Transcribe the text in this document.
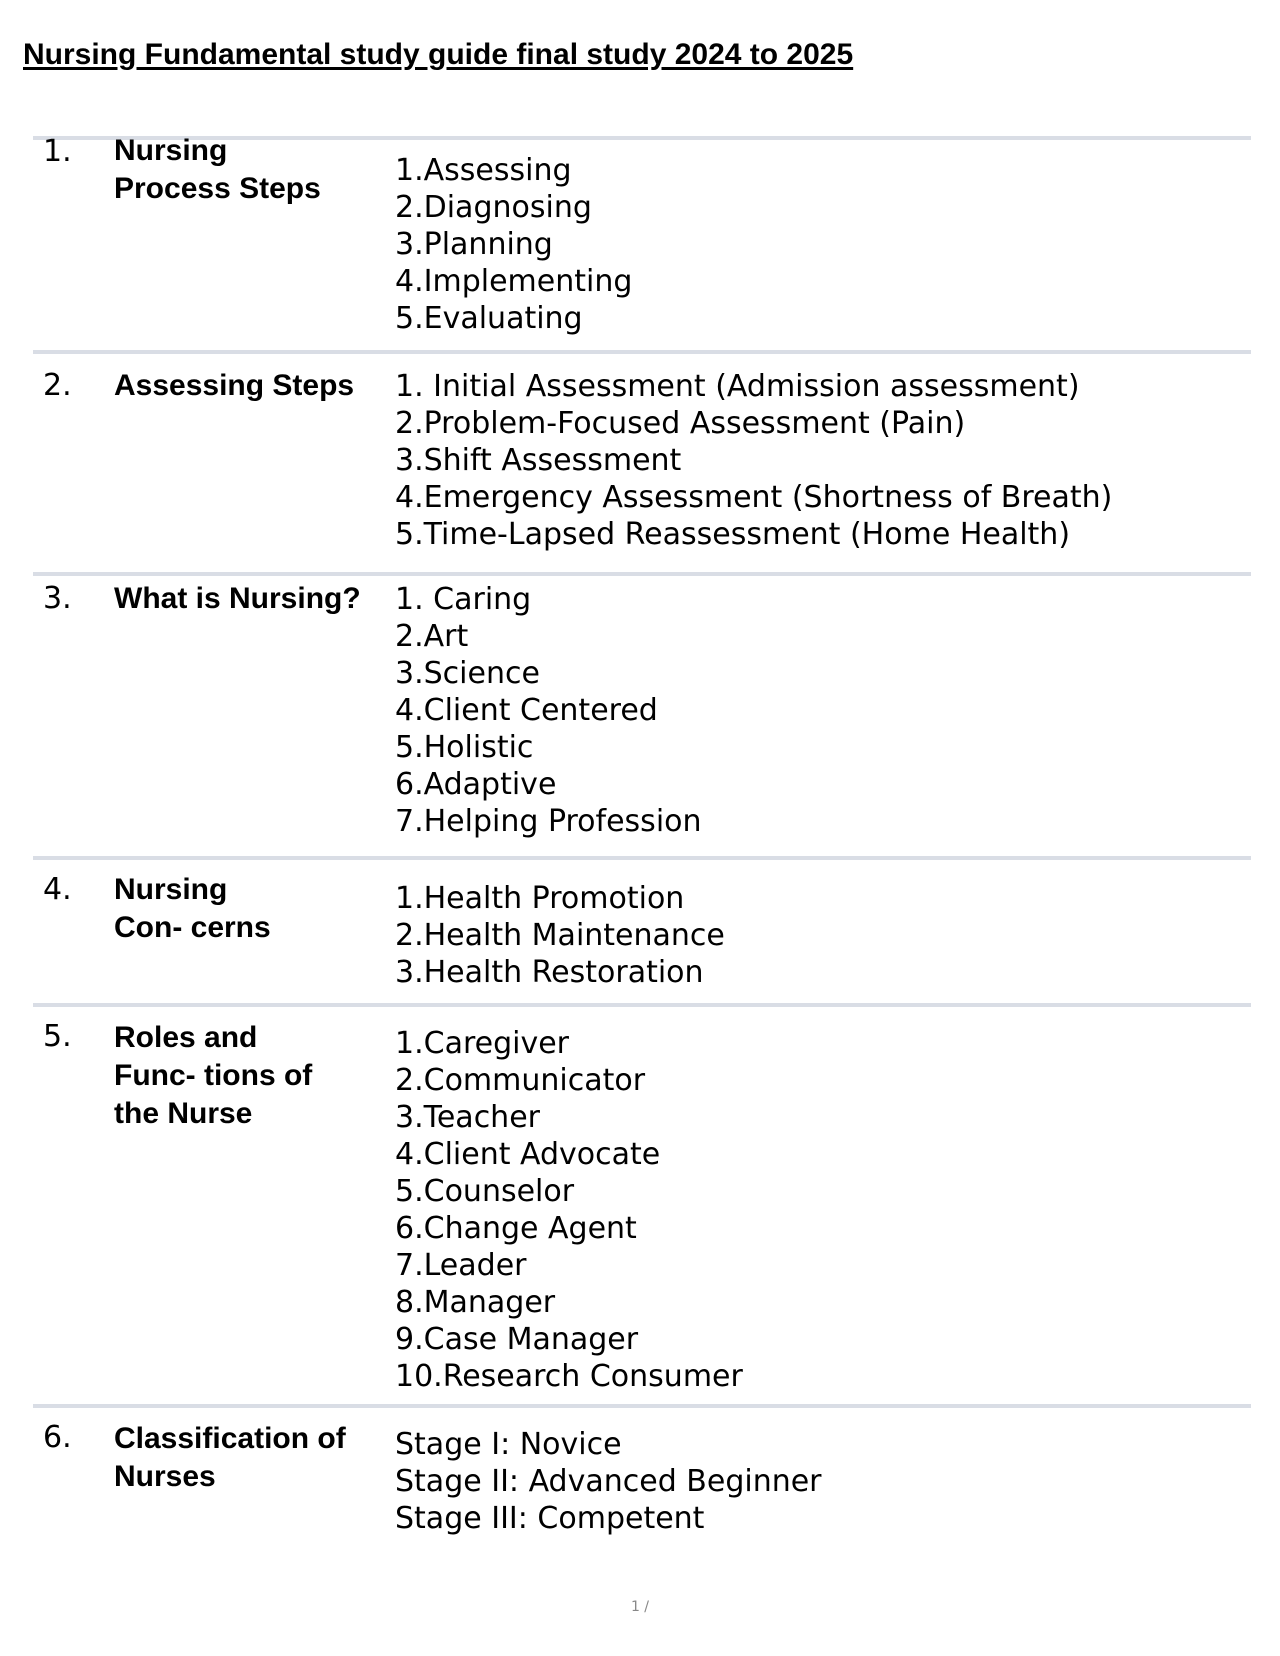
Nursing Fundamental study guide final study 2024 to 2025
1. Nursing
Process Steps
1.Assessing
2.Diagnosing
3.Planning
4.Implementing
5.Evaluating
2. Assessing Steps	1. Initial Assessment (Admission assessment)
2.Problem-Focused Assessment (Pain)
3.Shift Assessment
4.Emergency Assessment (Shortness of Breath)
5.Time-Lapsed Reassessment (Home Health)
3. What is Nursing?	1. Caring
2.Art
3.Science
4.Client Centered
5.Holistic
6.Adaptive
7.Helping Profession
4. Nursing
Con- cerns
1.Health Promotion
2.Health Maintenance
3.Health Restoration
5. Roles and
Func- tions of
the Nurse
1.Caregiver
2.Communicator
3.Teacher
4.Client Advocate
5.Counselor
6.Change Agent
7.Leader
8.Manager
9.Case Manager
10.Research Consumer
6. Classification of
Nurses
Stage I: Novice
Stage II: Advanced Beginner
Stage III: Competent
1 /
